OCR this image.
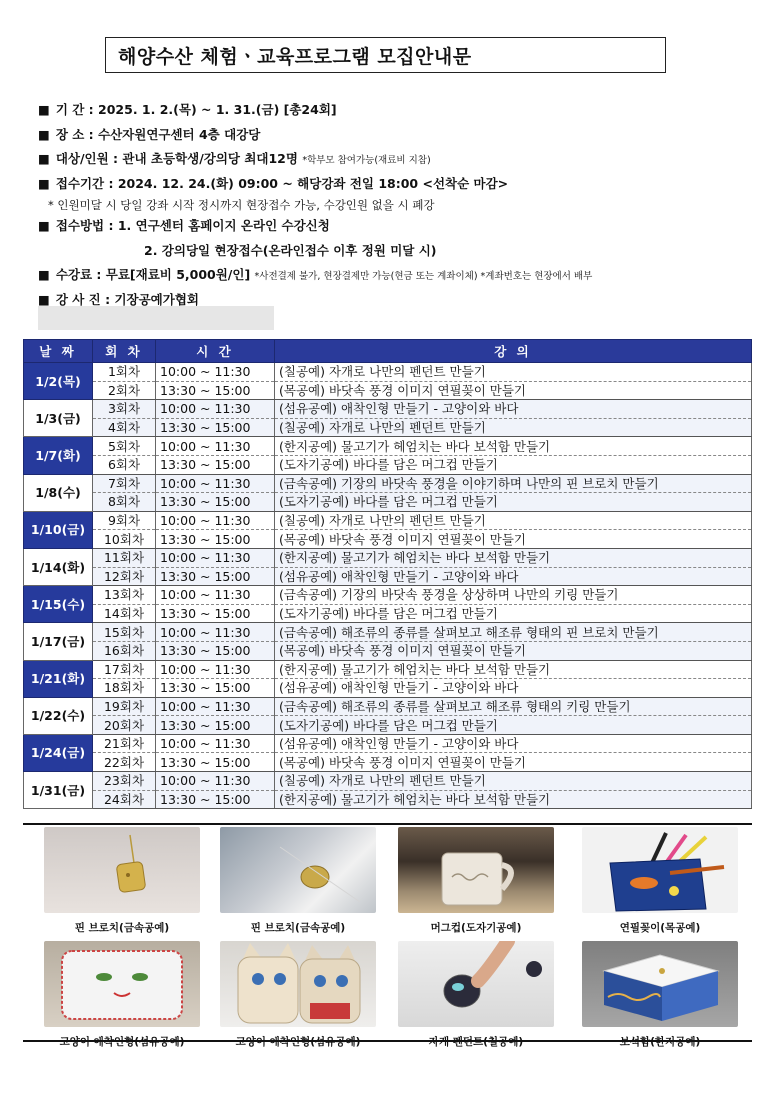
해양수산 체험ㆍ교육프로그램 모집안내문
■ 기 간 : 2025. 1. 2.(목) ~ 1. 31.(금) [총24회]
■ 장 소 : 수산자원연구센터 4층 대강당
■ 대상/인원 : 관내 초등학생/강의당 최대12명 *학부모 참여가능(재료비 지참)
■ 접수기간 : 2024. 12. 24.(화) 09:00 ~ 해당강좌 전일 18:00 <선착순 마감>
* 인원미달 시 당일 강좌 시작 정시까지 현장접수 가능, 수강인원 없을 시 폐강
■ 접수방법 : 1. 연구센터 홈페이지 온라인 수강신청
2. 강의당일 현장접수(온라인접수 이후 정원 미달 시)
■ 수강료 : 무료[재료비 5,000원/인] *사전결제 불가, 현장결제만 가능(현금 또는 계좌이체) *계좌번호는 현장에서 배부
■ 강 사 진 : 기장공예가협회
날 짜	회 차	시 간	강 의
1/2(목)	1회차	10:00 ~ 11:30	(칠공예) 자개로 나만의 펜던트 만들기
	2회차	13:30 ~ 15:00	(목공예) 바닷속 풍경 이미지 연필꽂이 만들기
1/3(금)	3회차	10:00 ~ 11:30	(섬유공예) 애착인형 만들기 - 고양이와 바다
	4회차	13:30 ~ 15:00	(칠공예) 자개로 나만의 펜던트 만들기
1/7(화)	5회차	10:00 ~ 11:30	(한지공예) 물고기가 헤엄치는 바다 보석함 만들기
	6회차	13:30 ~ 15:00	(도자기공예) 바다를 담은 머그컵 만들기
1/8(수)	7회차	10:00 ~ 11:30	(금속공예) 기장의 바닷속 풍경을 이야기하며 나만의 핀 브로치 만들기
	8회차	13:30 ~ 15:00	(도자기공예) 바다를 담은 머그컵 만들기
1/10(금)	9회차	10:00 ~ 11:30	(칠공예) 자개로 나만의 펜던트 만들기
	10회차	13:30 ~ 15:00	(목공예) 바닷속 풍경 이미지 연필꽂이 만들기
1/14(화)	11회차	10:00 ~ 11:30	(한지공예) 물고기가 헤엄치는 바다 보석함 만들기
	12회차	13:30 ~ 15:00	(섬유공예) 애착인형 만들기 - 고양이와 바다
1/15(수)	13회차	10:00 ~ 11:30	(금속공예) 기장의 바닷속 풍경을 상상하며 나만의 키링 만들기
	14회차	13:30 ~ 15:00	(도자기공예) 바다를 담은 머그컵 만들기
1/17(금)	15회차	10:00 ~ 11:30	(금속공예) 해조류의 종류를 살펴보고 해조류 형태의 핀 브로치 만들기
	16회차	13:30 ~ 15:00	(목공예) 바닷속 풍경 이미지 연필꽂이 만들기
1/21(화)	17회차	10:00 ~ 11:30	(한지공예) 물고기가 헤엄치는 바다 보석함 만들기
	18회차	13:30 ~ 15:00	(섬유공예) 애착인형 만들기 - 고양이와 바다
1/22(수)	19회차	10:00 ~ 11:30	(금속공예) 해조류의 종류를 살펴보고 해조류 형태의 키링 만들기
	20회차	13:30 ~ 15:00	(도자기공예) 바다를 담은 머그컵 만들기
1/24(금)	21회차	10:00 ~ 11:30	(섬유공예) 애착인형 만들기 - 고양이와 바다
	22회차	13:30 ~ 15:00	(목공예) 바닷속 풍경 이미지 연필꽂이 만들기
1/31(금)	23회차	10:00 ~ 11:30	(칠공예) 자개로 나만의 펜던트 만들기
	24회차	13:30 ~ 15:00	(한지공예) 물고기가 헤엄치는 바다 보석함 만들기
핀 브로치(금속공예)	핀 브로치(금속공예)	머그컵(도자기공예)	연필꽂이(목공예)
고양이 애착인형(섬유공예)	고양이 애착인형(섬유공예)	자개 펜던트(칠공예)	보석함(한지공예)
